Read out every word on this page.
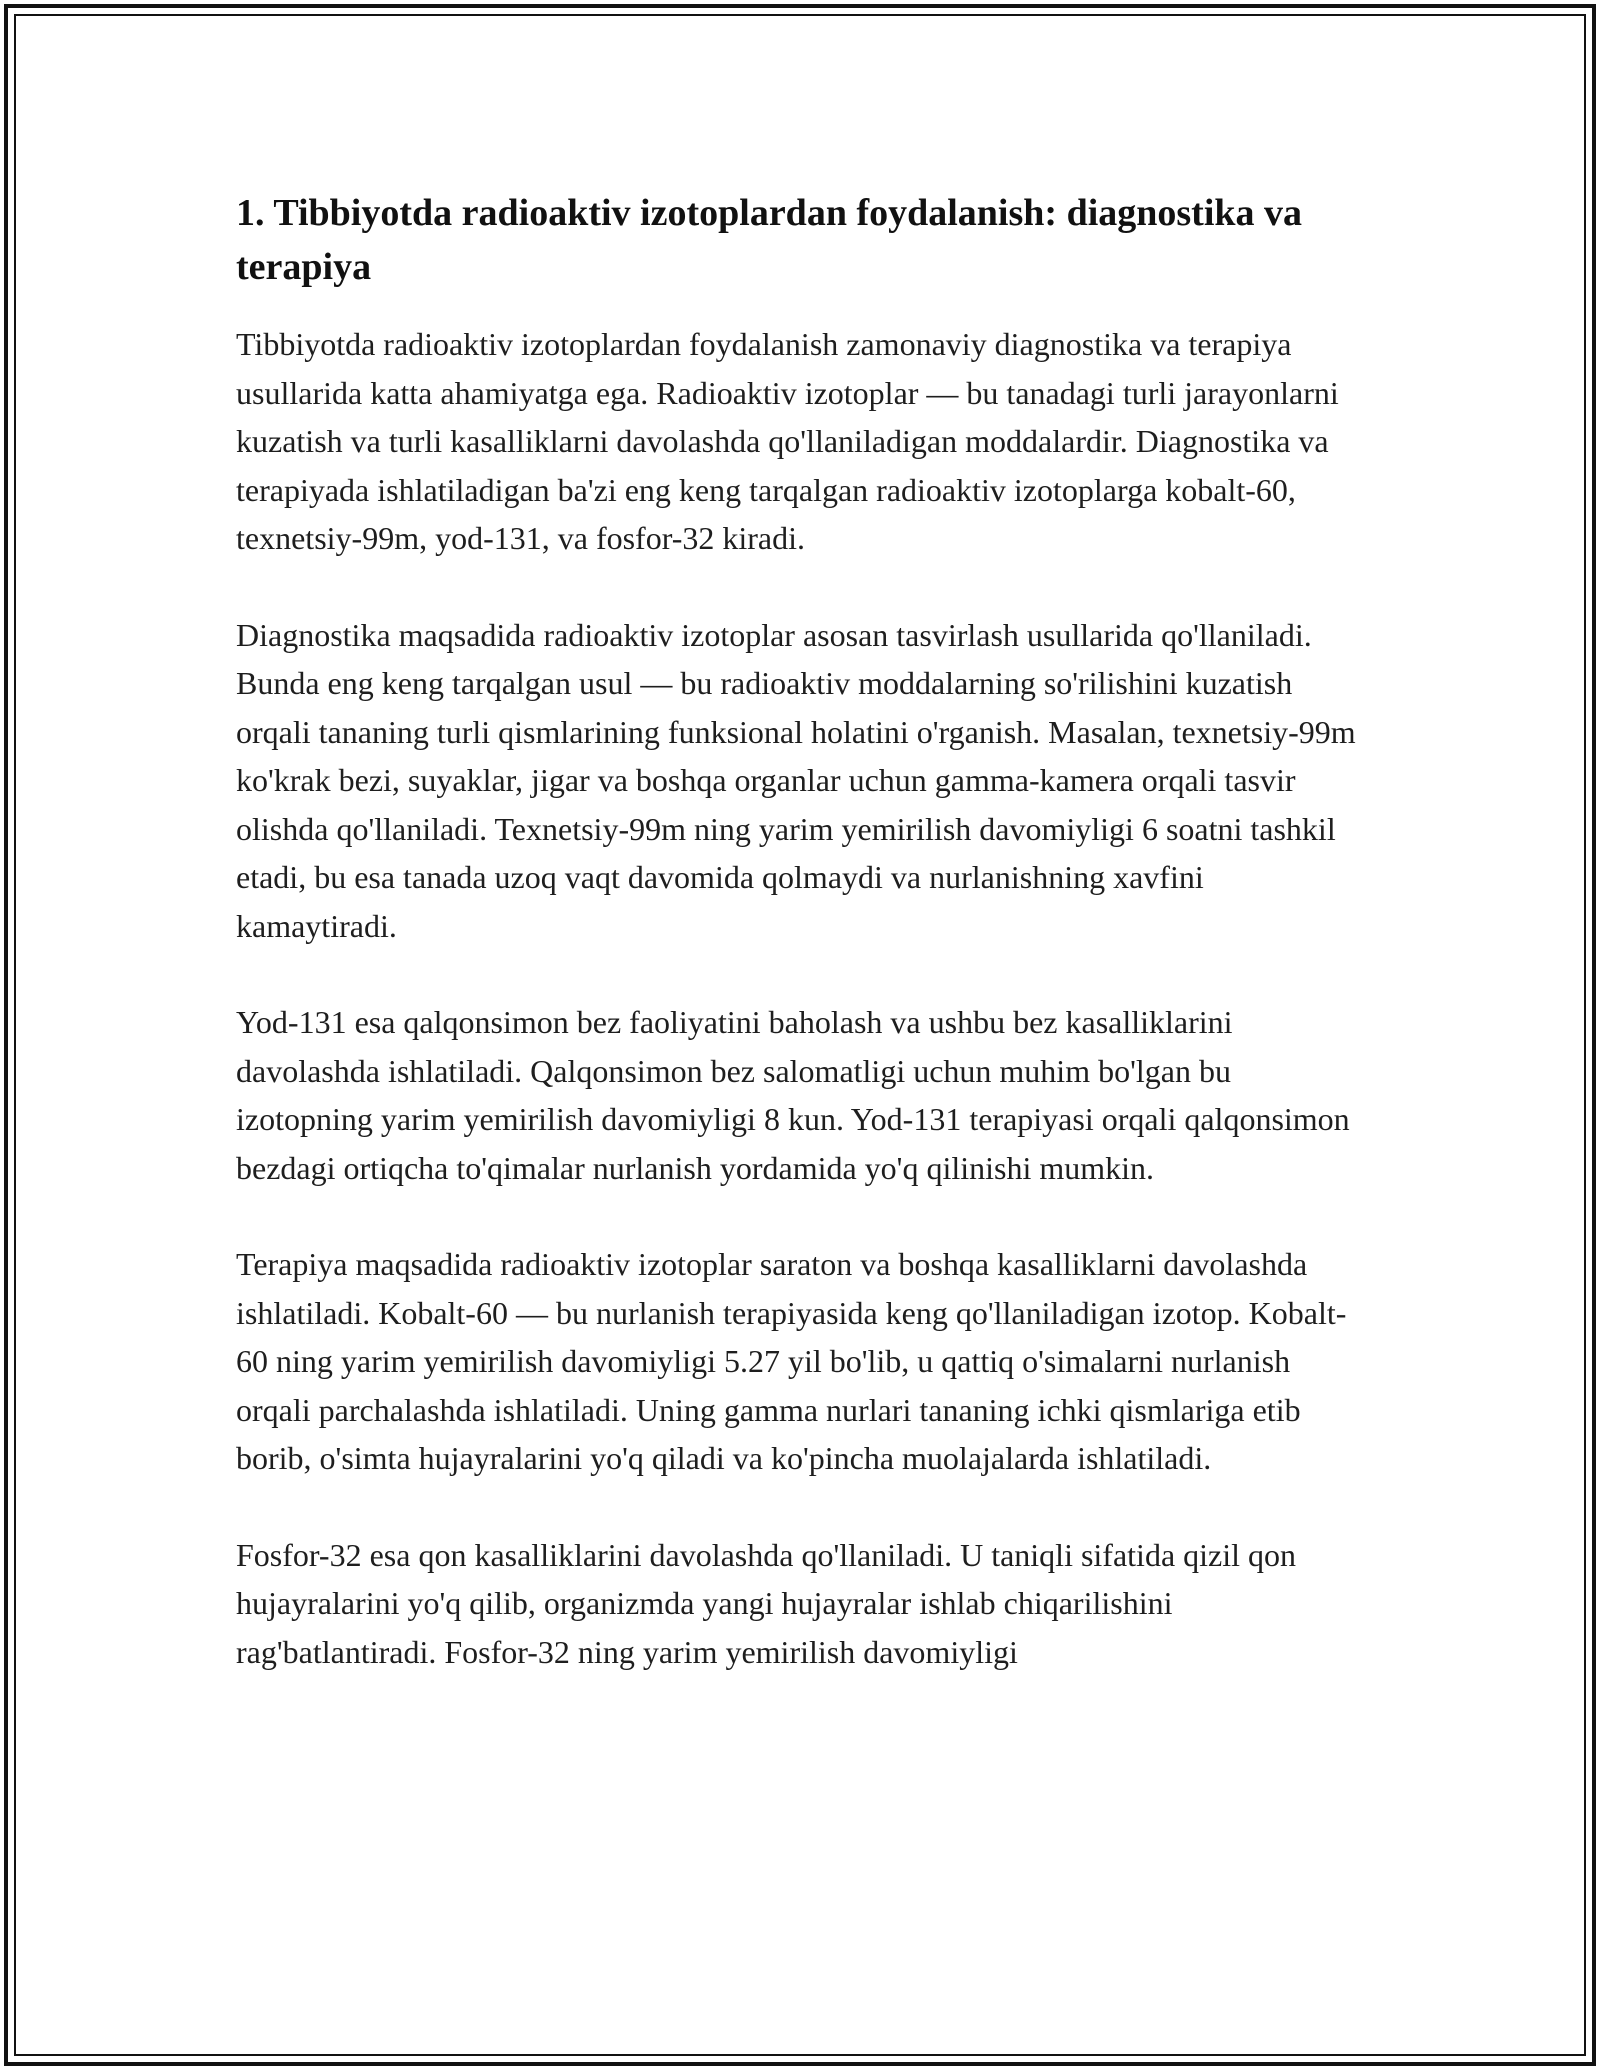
1. Tibbiyotda radioaktiv izotoplardan foydalanish: diagnostika va terapiya

Tibbiyotda radioaktiv izotoplardan foydalanish zamonaviy diagnostika va terapiya usullarida katta ahamiyatga ega. Radioaktiv izotoplar — bu tanadagi turli jarayonlarni kuzatish va turli kasalliklarni davolashda qo'llaniladigan moddalardir. Diagnostika va terapiyada ishlatiladigan ba'zi eng keng tarqalgan radioaktiv izotoplarga kobalt-60, texnetsiy-99m, yod-131, va fosfor-32 kiradi.

Diagnostika maqsadida radioaktiv izotoplar asosan tasvirlash usullarida qo'llaniladi. Bunda eng keng tarqalgan usul — bu radioaktiv moddalarning so'rilishini kuzatish orqali tananing turli qismlarining funksional holatini o'rganish. Masalan, texnetsiy-99m ko'krak bezi, suyaklar, jigar va boshqa organlar uchun gamma-kamera orqali tasvir olishda qo'llaniladi. Texnetsiy-99m ning yarim yemirilish davomiyligi 6 soatni tashkil etadi, bu esa tanada uzoq vaqt davomida qolmaydi va nurlanishning xavfini kamaytiradi.

Yod-131 esa qalqonsimon bez faoliyatini baholash va ushbu bez kasalliklarini davolashda ishlatiladi. Qalqonsimon bez salomatligi uchun muhim bo'lgan bu izotopning yarim yemirilish davomiyligi 8 kun. Yod-131 terapiyasi orqali qalqonsimon bezdagi ortiqcha to'qimalar nurlanish yordamida yo'q qilinishi mumkin.

Terapiya maqsadida radioaktiv izotoplar saraton va boshqa kasalliklarni davolashda ishlatiladi. Kobalt-60 — bu nurlanish terapiyasida keng qo'llaniladigan izotop. Kobalt-60 ning yarim yemirilish davomiyligi 5.27 yil bo'lib, u qattiq o'simalarni nurlanish orqali parchalashda ishlatiladi. Uning gamma nurlari tananing ichki qismlariga etib borib, o'simta hujayralarini yo'q qiladi va ko'pincha muolajalarda ishlatiladi.

Fosfor-32 esa qon kasalliklarini davolashda qo'llaniladi. U taniqli sifatida qizil qon hujayralarini yo'q qilib, organizmda yangi hujayralar ishlab chiqarilishini rag'batlantiradi. Fosfor-32 ning yarim yemirilish davomiyligi
